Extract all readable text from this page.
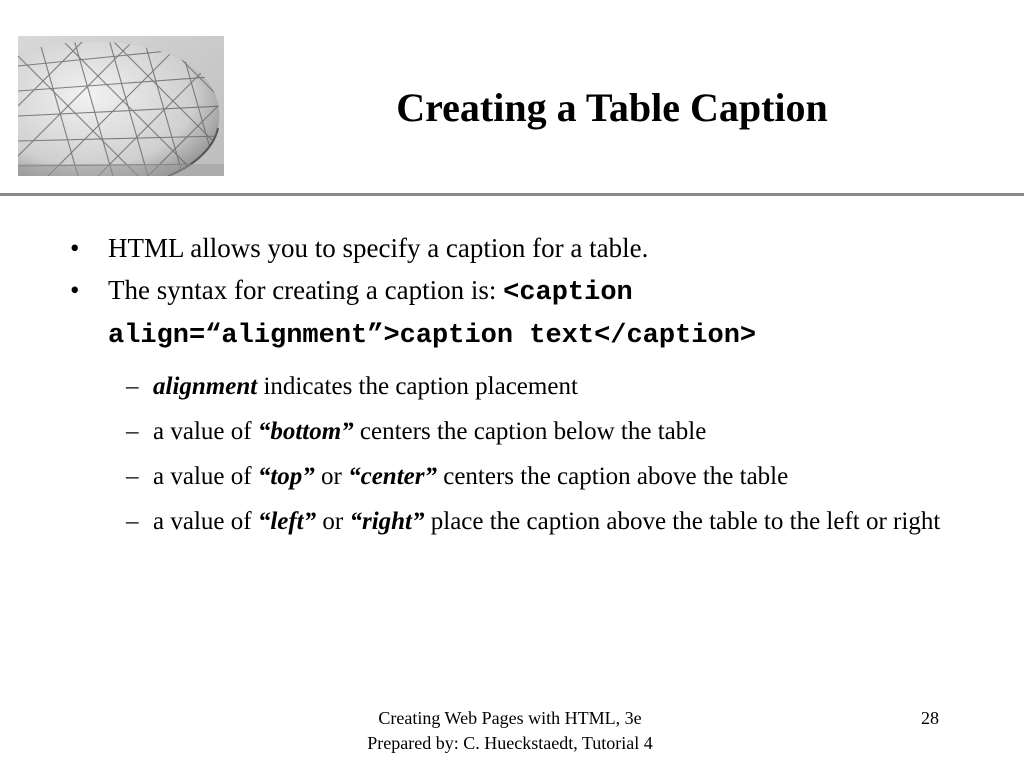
Creating a Table Caption
• HTML allows you to specify a caption for a table.
• The syntax for creating a caption is: <caption
align=“alignment”>caption text</caption>
– alignment indicates the caption placement
– a value of “bottom” centers the caption below the table
– a value of “top” or “center” centers the caption above the table
– a value of “left” or “right” place the caption above the table to the left or right
Creating Web Pages with HTML, 3e
Prepared by: C. Hueckstaedt, Tutorial 4
28
